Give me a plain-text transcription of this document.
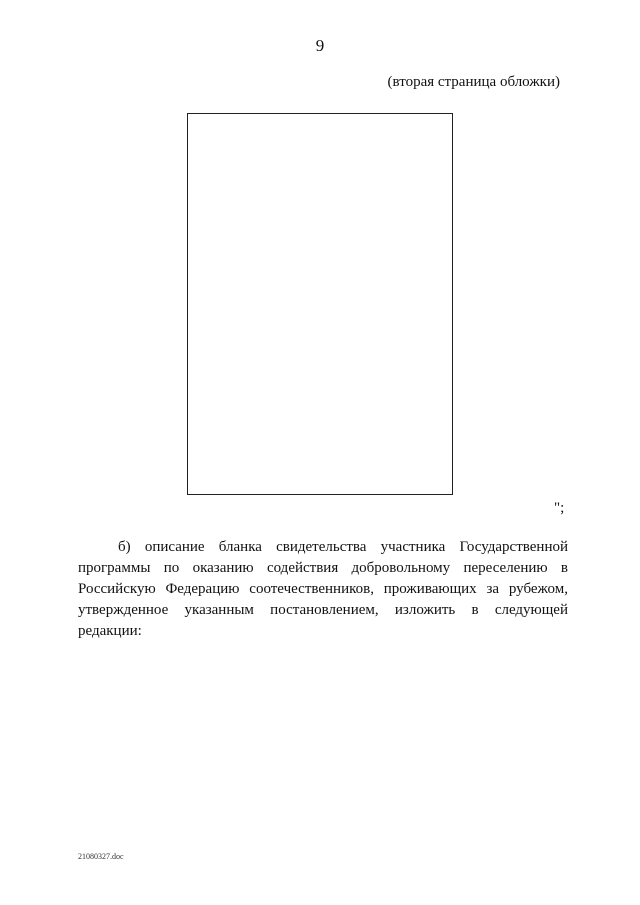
9
(вторая страница обложки)
";

б) описание бланка свидетельства участника Государственной программы по оказанию содействия добровольному переселению в Российскую Федерацию соотечественников, проживающих за рубежом, утвержденное указанным постановлением, изложить в следующей редакции:

21080327.doc
